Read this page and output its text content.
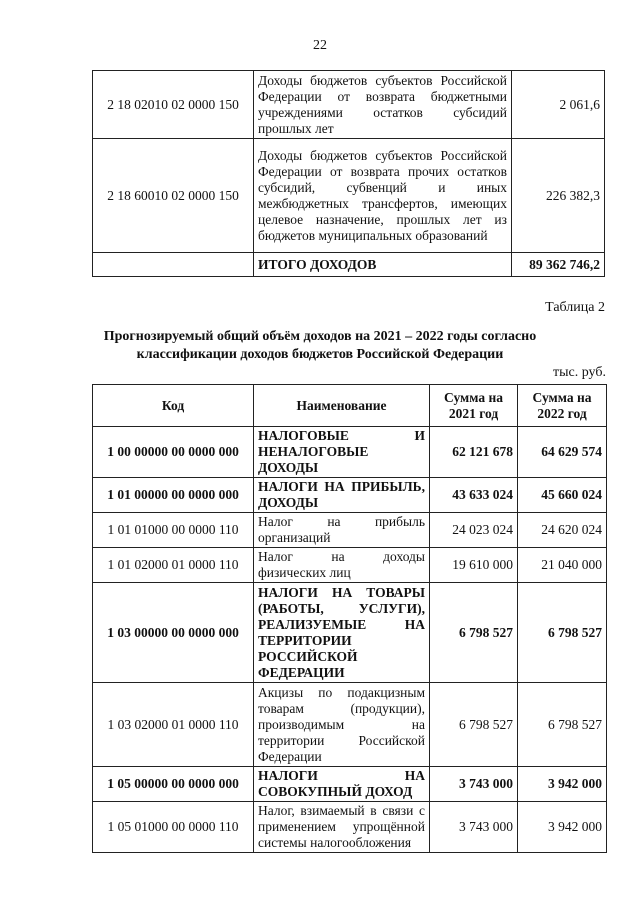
22
2 18 02010 02 0000 150	Доходы бюджетов субъектов Российской Федерации от возврата бюджетными учреждениями остатков субсидий прошлых лет	2 061,6
2 18 60010 02 0000 150	Доходы бюджетов субъектов Российской Федерации от возврата прочих остатков субсидий, субвенций и иных межбюджетных трансфертов, имеющих целевое назначение, прошлых лет из бюджетов муниципальных образований	226 382,3
	ИТОГО ДОХОДОВ	89 362 746,2
Таблица 2
Прогнозируемый общий объём доходов на 2021 – 2022 годы согласно
классификации доходов бюджетов Российской Федерации
тыс. руб.
Код	Наименование	Сумма на 2021 год	Сумма на 2022 год
1 00 00000 00 0000 000	НАЛОГОВЫЕ И НЕНАЛОГОВЫЕ ДОХОДЫ	62 121 678	64 629 574
1 01 00000 00 0000 000	НАЛОГИ НА ПРИБЫЛЬ, ДОХОДЫ	43 633 024	45 660 024
1 01 01000 00 0000 110	Налог на прибыль организаций	24 023 024	24 620 024
1 01 02000 01 0000 110	Налог на доходы физических лиц	19 610 000	21 040 000
1 03 00000 00 0000 000	НАЛОГИ НА ТОВАРЫ (РАБОТЫ, УСЛУГИ), РЕАЛИЗУЕМЫЕ НА ТЕРРИТОРИИ РОССИЙСКОЙ ФЕДЕРАЦИИ	6 798 527	6 798 527
1 03 02000 01 0000 110	Акцизы по подакцизным товарам (продукции), производимым на территории Российской Федерации	6 798 527	6 798 527
1 05 00000 00 0000 000	НАЛОГИ НА СОВОКУПНЫЙ ДОХОД	3 743 000	3 942 000
1 05 01000 00 0000 110	Налог, взимаемый в связи с применением упрощённой системы налогообложения	3 743 000	3 942 000
